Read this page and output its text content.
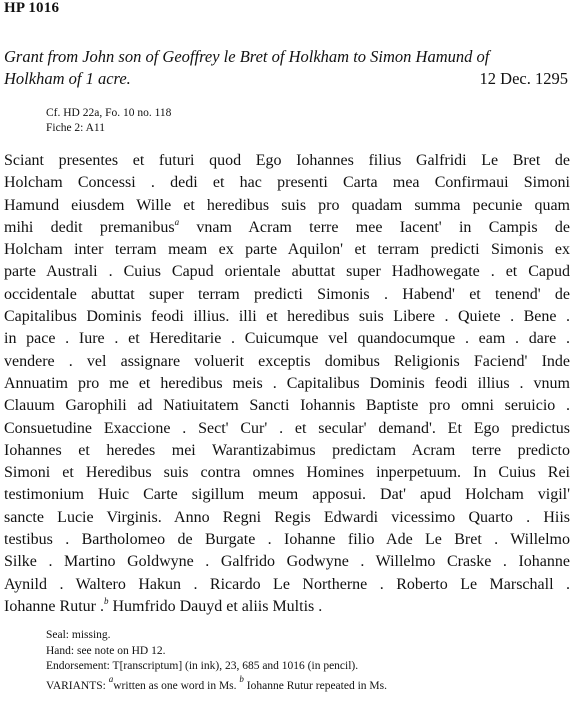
HP 1016
Grant from John son of Geoffrey le Bret of Holkham to Simon Hamund of
Holkham of 1 acre.	12 Dec. 1295
Cf. HD 22a, Fo. 10 no. 118
Fiche 2: A11
Sciant presentes et futuri quod Ego Iohannes filius Galfridi Le Bret de
Holcham Concessi . dedi et hac presenti Carta mea Confirmaui Simoni
Hamund eiusdem Wille et heredibus suis pro quadam summa pecunie quam
mihi dedit premanibus$^a$ vnam Acram terre mee Iacent' in Campis de
Holcham inter terram meam ex parte Aquilon' et terram predicti Simonis ex
parte Australi . Cuius Capud orientale abuttat super Hadhowegate . et Capud
occidentale abuttat super terram predicti Simonis . Habend' et tenend' de
Capitalibus Dominis feodi illius. illi et heredibus suis Libere . Quiete . Bene .
in pace . Iure . et Hereditarie . Cuicumque vel quandocumque . eam . dare .
vendere . vel assignare voluerit exceptis domibus Religionis Faciend' Inde
Annuatim pro me et heredibus meis . Capitalibus Dominis feodi illius . vnum
Clauum Garophili ad Natiuitatem Sancti Iohannis Baptiste pro omni seruicio .
Consuetudine Exaccione . Sect' Cur' . et secular' demand'. Et Ego predictus
Iohannes et heredes mei Warantizabimus predictam Acram terre predicto
Simoni et Heredibus suis contra omnes Homines inperpetuum. In Cuius Rei
testimonium Huic Carte sigillum meum apposui. Dat' apud Holcham vigil'
sancte Lucie Virginis. Anno Regni Regis Edwardi vicessimo Quarto . Hiis
testibus . Bartholomeo de Burgate . Iohanne filio Ade Le Bret . Willelmo
Silke . Martino Goldwyne . Galfrido Godwyne . Willelmo Craske . Iohanne
Aynild . Waltero Hakun . Ricardo Le Northerne . Roberto Le Marschall .
Iohanne Rutur .$^b$ Humfrido Dauyd et aliis Multis .
Seal: missing.
Hand: see note on HD 12.
Endorsement: T[ranscriptum] (in ink), 23, 685 and 1016 (in pencil).
VARIANTS: $^a$written as one word in Ms. $^b$ Iohanne Rutur repeated in Ms.
